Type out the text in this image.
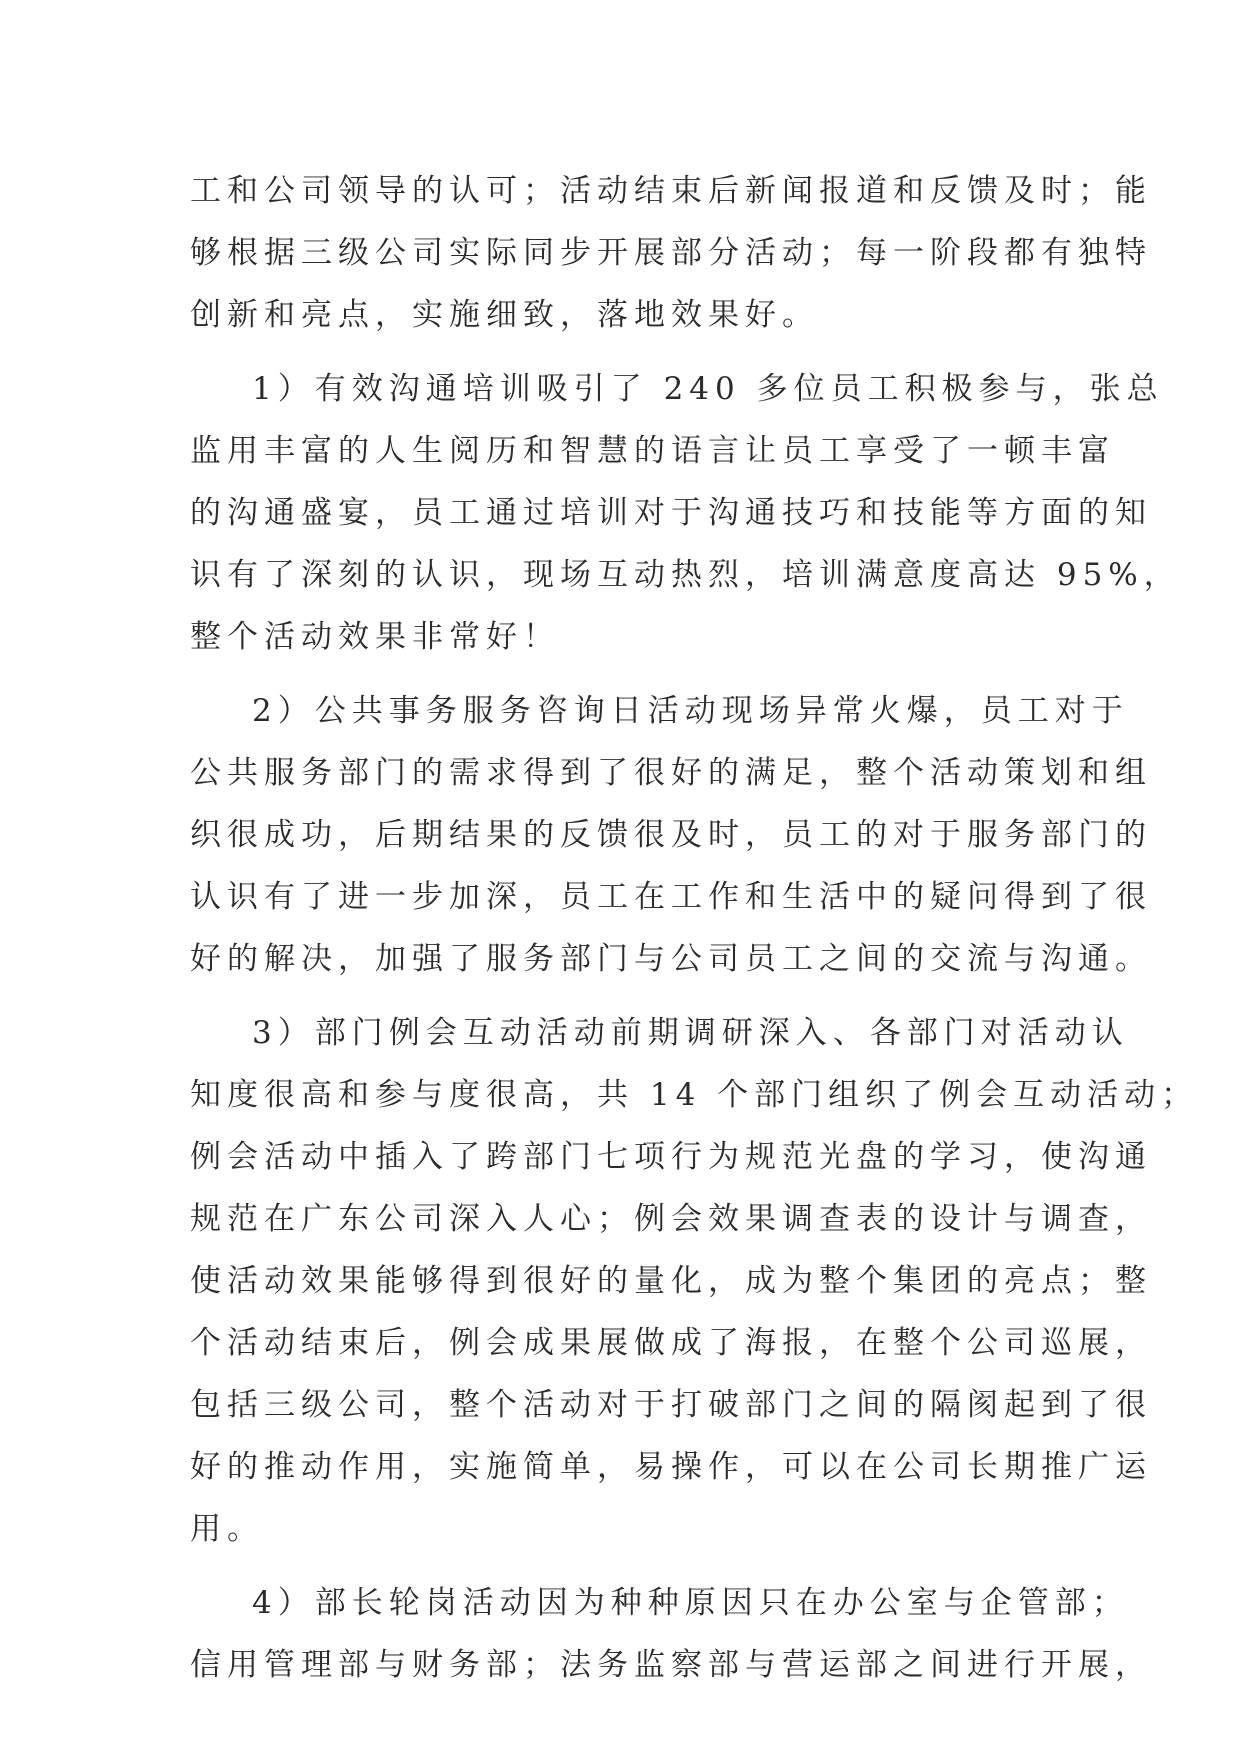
工和公司领导的认可；活动结束后新闻报道和反馈及时；能
够根据三级公司实际同步开展部分活动；每一阶段都有独特
创新和亮点，实施细致，落地效果好。
1）有效沟通培训吸引了 240 多位员工积极参与，张总
监用丰富的人生阅历和智慧的语言让员工享受了一顿丰富
的沟通盛宴，员工通过培训对于沟通技巧和技能等方面的知
识有了深刻的认识，现场互动热烈，培训满意度高达 95%，
整个活动效果非常好！
2）公共事务服务咨询日活动现场异常火爆，员工对于
公共服务部门的需求得到了很好的满足，整个活动策划和组
织很成功，后期结果的反馈很及时，员工的对于服务部门的
认识有了进一步加深，员工在工作和生活中的疑问得到了很
好的解决，加强了服务部门与公司员工之间的交流与沟通。
3）部门例会互动活动前期调研深入、各部门对活动认
知度很高和参与度很高，共 14 个部门组织了例会互动活动；
例会活动中插入了跨部门七项行为规范光盘的学习，使沟通
规范在广东公司深入人心；例会效果调查表的设计与调查，
使活动效果能够得到很好的量化，成为整个集团的亮点；整
个活动结束后，例会成果展做成了海报，在整个公司巡展，
包括三级公司，整个活动对于打破部门之间的隔阂起到了很
好的推动作用，实施简单，易操作，可以在公司长期推广运
用。
4）部长轮岗活动因为种种原因只在办公室与企管部；
信用管理部与财务部；法务监察部与营运部之间进行开展，
